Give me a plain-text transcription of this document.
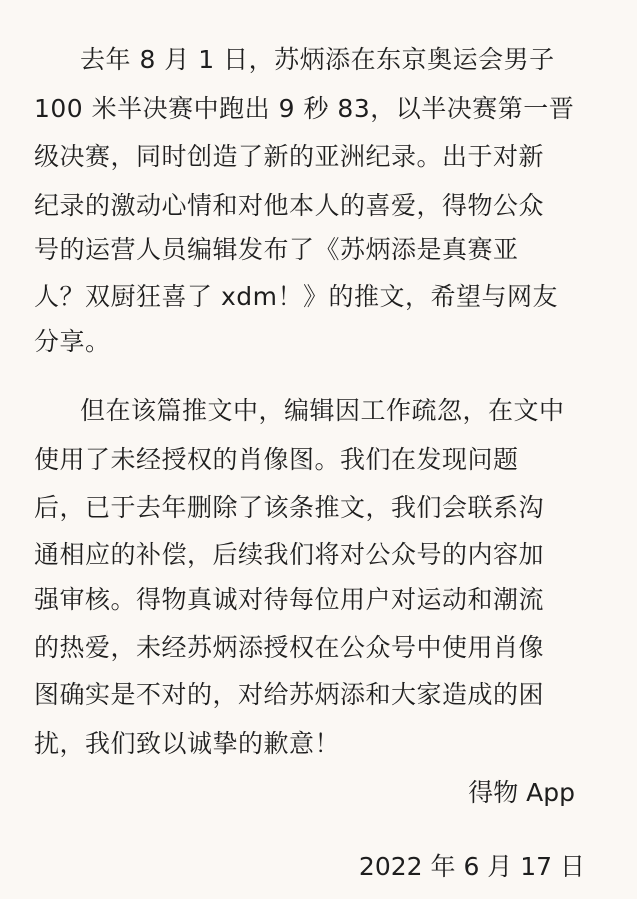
去年 8 月 1 日，苏炳添在东京奥运会男子
100 米半决赛中跑出 9 秒 83，以半决赛第一晋
级决赛，同时创造了新的亚洲纪录。出于对新
纪录的激动心情和对他本人的喜爱，得物公众
号的运营人员编辑发布了《苏炳添是真赛亚
人？双厨狂喜了 xdm！》的推文，希望与网友
分享。
但在该篇推文中，编辑因工作疏忽，在文中
使用了未经授权的肖像图。我们在发现问题
后，已于去年删除了该条推文，我们会联系沟
通相应的补偿，后续我们将对公众号的内容加
强审核。得物真诚对待每位用户对运动和潮流
的热爱，未经苏炳添授权在公众号中使用肖像
图确实是不对的，对给苏炳添和大家造成的困
扰，我们致以诚挚的歉意！
得物 App
2022 年 6 月 17 日
